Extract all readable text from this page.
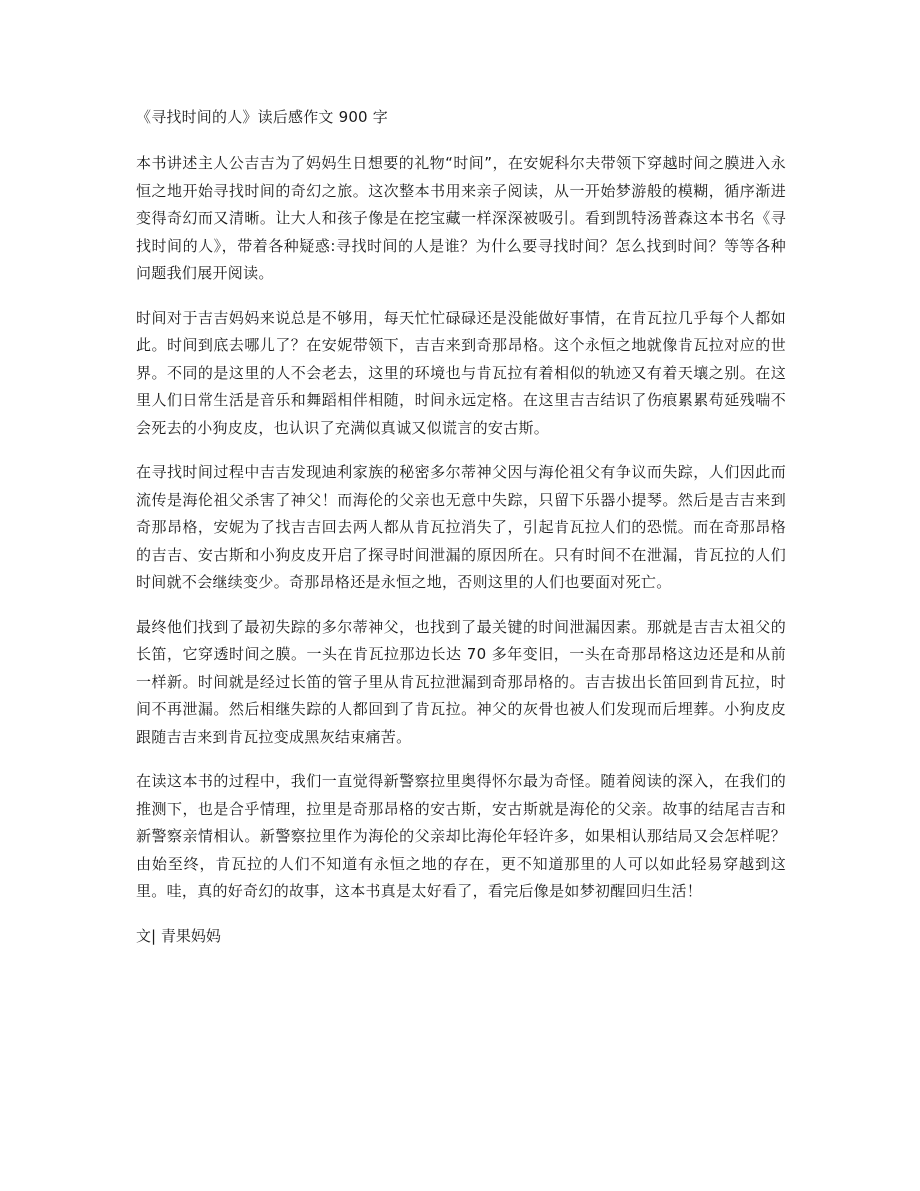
《寻找时间的人》读后感作文 900 字

本书讲述主人公吉吉为了妈妈生日想要的礼物“时间”，在安妮科尔夫带领下穿越时间之膜进入永恒之地开始寻找时间的奇幻之旅。这次整本书用来亲子阅读，从一开始梦游般的模糊，循序渐进变得奇幻而又清晰。让大人和孩子像是在挖宝藏一样深深被吸引。看到凯特汤普森这本书名《寻找时间的人》，带着各种疑惑:寻找时间的人是谁？为什么要寻找时间？怎么找到时间？等等各种问题我们展开阅读。

时间对于吉吉妈妈来说总是不够用，每天忙忙碌碌还是没能做好事情，在肯瓦拉几乎每个人都如此。时间到底去哪儿了？在安妮带领下，吉吉来到奇那昂格。这个永恒之地就像肯瓦拉对应的世界。不同的是这里的人不会老去，这里的环境也与肯瓦拉有着相似的轨迹又有着天壤之别。在这里人们日常生活是音乐和舞蹈相伴相随，时间永远定格。在这里吉吉结识了伤痕累累苟延残喘不会死去的小狗皮皮，也认识了充满似真诚又似谎言的安古斯。

在寻找时间过程中吉吉发现迪利家族的秘密多尔蒂神父因与海伦祖父有争议而失踪，人们因此而流传是海伦祖父杀害了神父！而海伦的父亲也无意中失踪，只留下乐器小提琴。然后是吉吉来到奇那昂格，安妮为了找吉吉回去两人都从肯瓦拉消失了，引起肯瓦拉人们的恐慌。而在奇那昂格的吉吉、安古斯和小狗皮皮开启了探寻时间泄漏的原因所在。只有时间不在泄漏，肯瓦拉的人们时间就不会继续变少。奇那昂格还是永恒之地，否则这里的人们也要面对死亡。

最终他们找到了最初失踪的多尔蒂神父，也找到了最关键的时间泄漏因素。那就是吉吉太祖父的长笛，它穿透时间之膜。一头在肯瓦拉那边长达 70 多年变旧，一头在奇那昂格这边还是和从前一样新。时间就是经过长笛的管子里从肯瓦拉泄漏到奇那昂格的。吉吉拔出长笛回到肯瓦拉，时间不再泄漏。然后相继失踪的人都回到了肯瓦拉。神父的灰骨也被人们发现而后埋葬。小狗皮皮跟随吉吉来到肯瓦拉变成黑灰结束痛苦。

在读这本书的过程中，我们一直觉得新警察拉里奥得怀尔最为奇怪。随着阅读的深入，在我们的推测下，也是合乎情理，拉里是奇那昂格的安古斯，安古斯就是海伦的父亲。故事的结尾吉吉和新警察亲情相认。新警察拉里作为海伦的父亲却比海伦年轻许多，如果相认那结局又会怎样呢？由始至终，肯瓦拉的人们不知道有永恒之地的存在，更不知道那里的人可以如此轻易穿越到这里。哇，真的好奇幻的故事，这本书真是太好看了，看完后像是如梦初醒回归生活！

文| 青果妈妈
